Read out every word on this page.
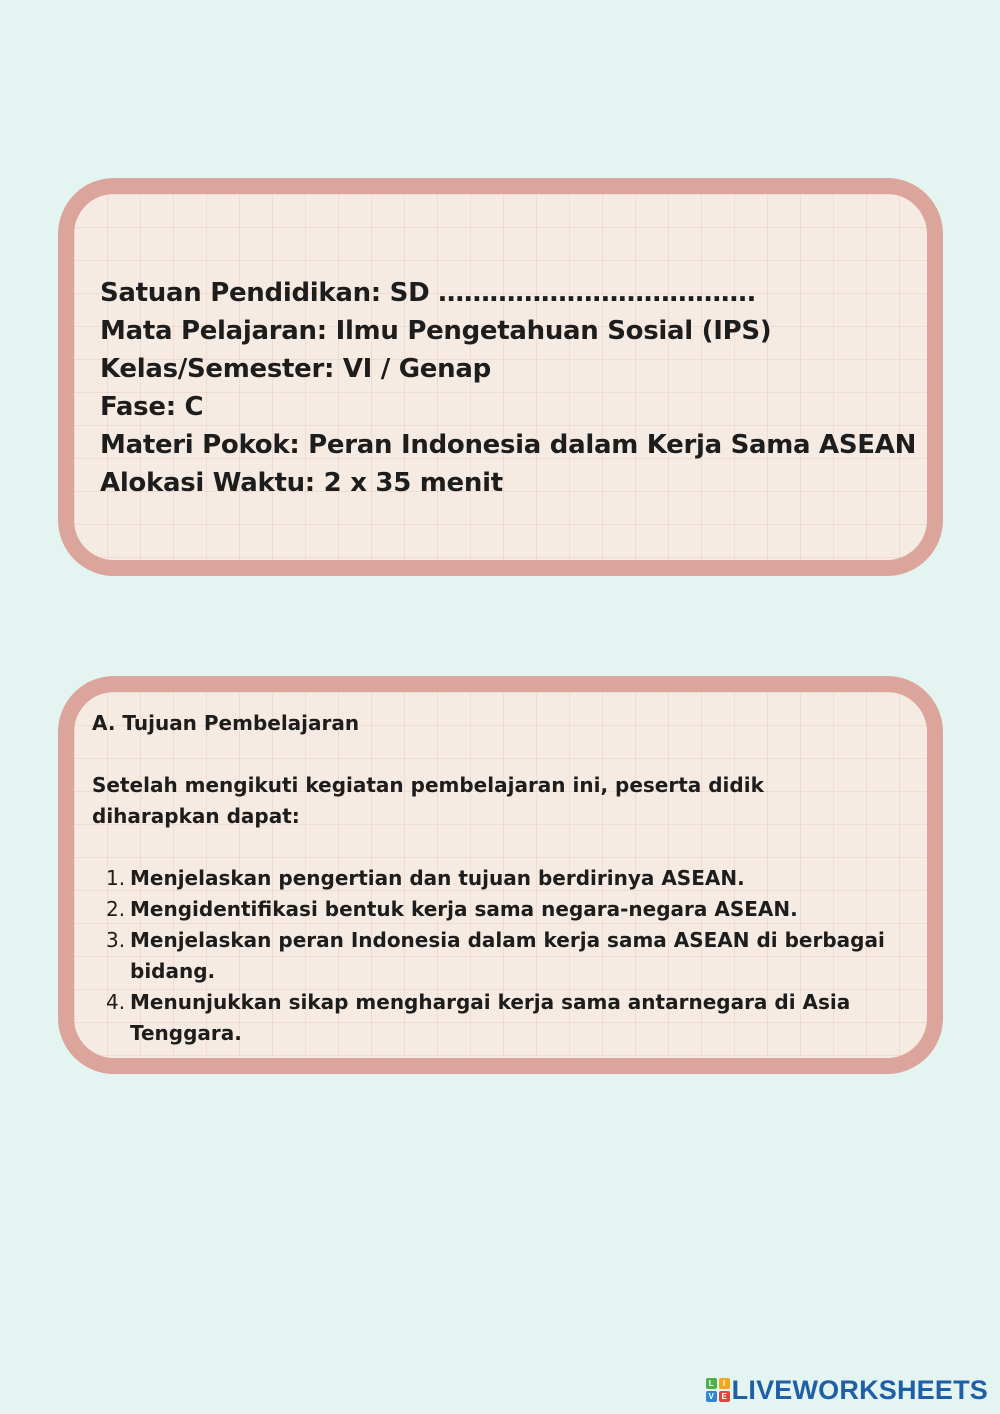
Satuan Pendidikan: SD ……………………………….
Mata Pelajaran: Ilmu Pengetahuan Sosial (IPS)
Kelas/Semester: VI / Genap
Fase: C
Materi Pokok: Peran Indonesia dalam Kerja Sama ASEAN
Alokasi Waktu: 2 x 35 menit

A. Tujuan Pembelajaran

Setelah mengikuti kegiatan pembelajaran ini, peserta didik diharapkan dapat:

1. Menjelaskan pengertian dan tujuan berdirinya ASEAN.
2. Mengidentifikasi bentuk kerja sama negara-negara ASEAN.
3. Menjelaskan peran Indonesia dalam kerja sama ASEAN di berbagai bidang.
4. Menunjukkan sikap menghargai kerja sama antarnegara di Asia Tenggara.
L	I
V E LIVEWORKSHEETS
